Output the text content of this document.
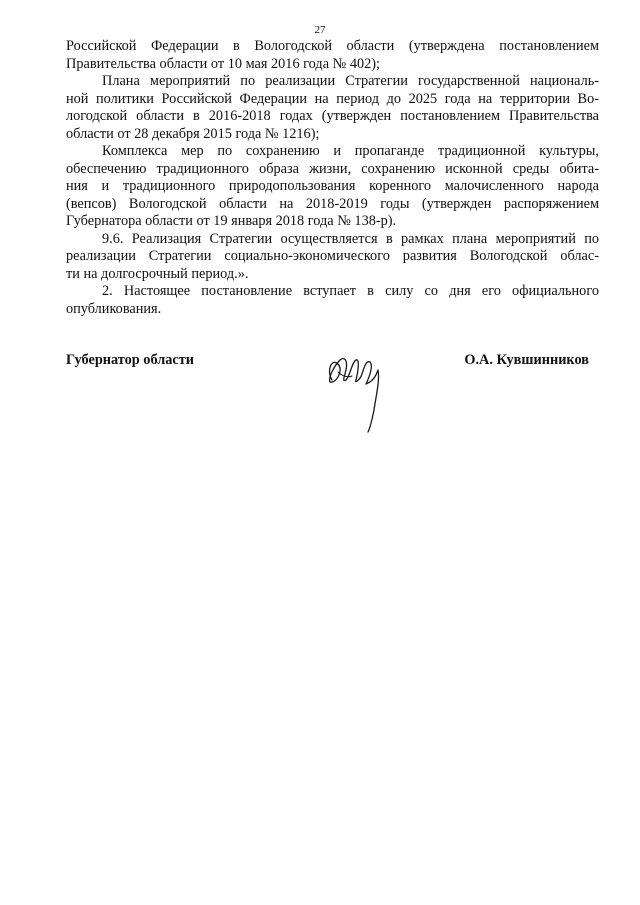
27
Российской Федерации в Вологодской области (утверждена постановлением
Правительства области от 10 мая 2016 года № 402);
Плана мероприятий по реализации Стратегии государственной националь-
ной политики Российской Федерации на период до 2025 года на территории Во-
логодской области в 2016-2018 годах (утвержден постановлением Правительства
области от 28 декабря 2015 года № 1216);
Комплекса мер по сохранению и пропаганде традиционной культуры,
обеспечению традиционного образа жизни, сохранению исконной среды обита-
ния и традиционного природопользования коренного малочисленного народа
(вепсов) Вологодской области на 2018-2019 годы (утвержден распоряжением
Губернатора области от 19 января 2018 года № 138-р).
9.6. Реализация Стратегии осуществляется в рамках плана мероприятий по
реализации Стратегии социально-экономического развития Вологодской облас-
ти на долгосрочный период.».
2. Настоящее постановление вступает в силу со дня его официального
опубликования.
Губернатор области	О.А. Кувшинников
